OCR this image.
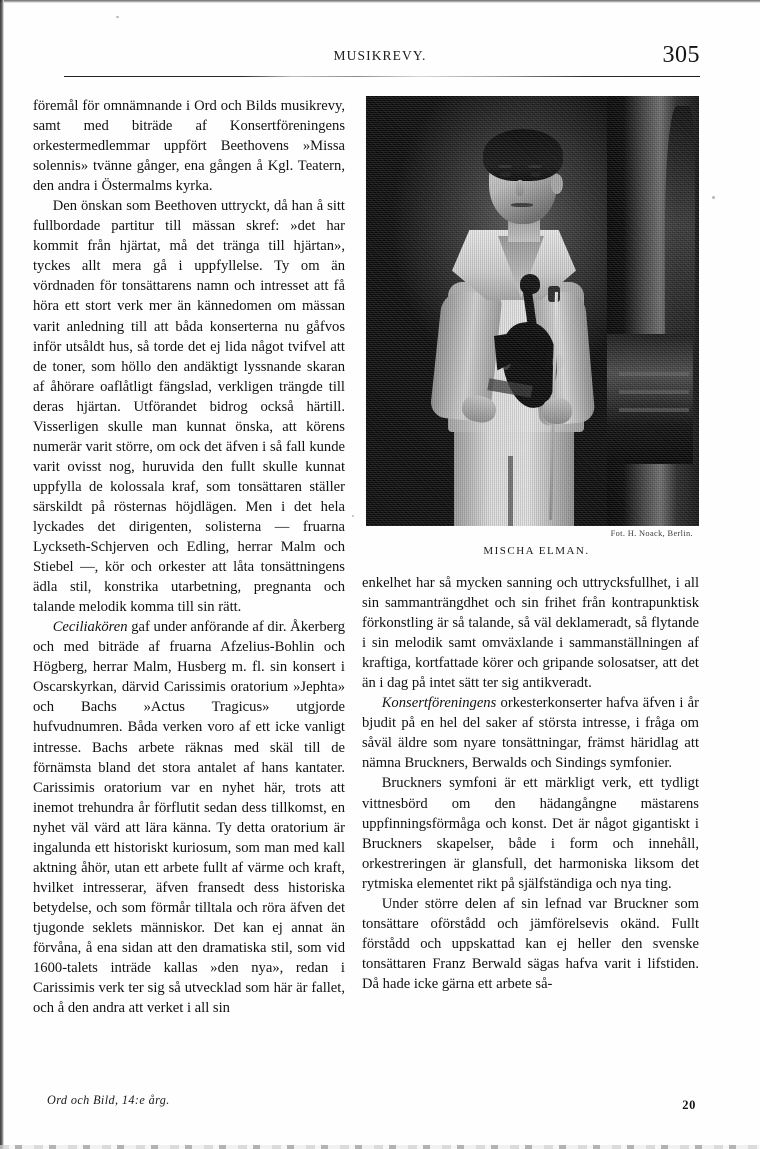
MUSIKREVY.	305
Fot. H. Noack, Berlin.
MISCHA ELMAN.

föremål för omnämnande i Ord och Bilds musikrevy, samt med biträde af Konsertföreningens orkestermedlemmar uppfört Beethovens »Missa solennis» tvänne gånger, ena gången å Kgl. Teatern, den andra i Östermalms kyrka.

Den önskan som Beethoven uttryckt, då han å sitt fullbordade partitur till mässan skref: »det har kommit från hjärtat, må det tränga till hjärtan», tyckes allt mera gå i uppfyllelse. Ty om än vördnaden för tonsättarens namn och intresset att få höra ett stort verk mer än kännedomen om mässan varit anledning till att båda konserterna nu gåfvos inför utsåldt hus, så torde det ej lida något tvifvel att de toner, som höllo den andäktigt lyssnande skaran af åhörare oaflåtligt fängslad, verkligen trängde till deras hjärtan. Utförandet bidrog också härtill. Visserligen skulle man kunnat önska, att körens numerär varit större, om ock det äfven i så fall kunde varit ovisst nog, huruvida den fullt skulle kunnat uppfylla de kolossala kraf, som tonsättaren ställer särskildt på rösternas höjdlägen. Men i det hela lyckades det dirigenten, solisterna — fruarna Lyckseth-Schjerven och Edling, herrar Malm och Stiebel —, kör och orkester att låta tonsättningens ädla stil, konstrika utarbetning, pregnanta och talande melodik komma till sin rätt.

Ceciliakören gaf under anförande af dir. Åkerberg och med biträde af fruarna Afzelius-Bohlin och Högberg, herrar Malm, Husberg m. fl. sin konsert i Oscarskyrkan, därvid Carissimis oratorium »Jephta» och Bachs »Actus Tragicus» utgjorde hufvudnumren. Båda verken voro af ett icke vanligt intresse. Bachs arbete räknas med skäl till de förnämsta bland det stora antalet af hans kantater. Carissimis oratorium var en nyhet här, trots att inemot trehundra år förflutit sedan dess tillkomst, en nyhet väl värd att lära känna. Ty detta oratorium är ingalunda ett historiskt kuriosum, som man med kall aktning åhör, utan ett arbete fullt af värme och kraft, hvilket intresserar, äfven fransedt dess historiska betydelse, och som förmår tilltala och röra äfven det tjugonde seklets människor. Det kan ej annat än förvåna, å ena sidan att den dramatiska stil, som vid 1600-talets inträde kallas »den nya», redan i Carissimis verk ter sig så utvecklad som här är fallet, och å den andra att verket i all sin

enkelhet har så mycken sanning och uttrycksfullhet, i all sin sammanträngdhet och sin frihet från kontrapunktisk förkonstling är så talande, så väl deklameradt, så flytande i sin melodik samt omväxlande i sammanställningen af kraftiga, kortfattade körer och gripande solosatser, att det än i dag på intet sätt ter sig antikveradt.

Konsertföreningens orkesterkonserter hafva äfven i år bjudit på en hel del saker af största intresse, i fråga om såväl äldre som nyare tonsättningar, främst häridlag att nämna Bruckners, Berwalds och Sindings symfonier.

Bruckners symfoni är ett märkligt verk, ett tydligt vittnesbörd om den hädangångne mästarens uppfinningsförmåga och konst. Det är något gigantiskt i Bruckners skapelser, både i form och innehåll, orkestreringen är glansfull, det harmoniska liksom det rytmiska elementet rikt på själfständiga och nya ting.

Under större delen af sin lefnad var Bruckner som tonsättare oförstådd och jämförelsevis okänd. Fullt förstådd och uppskattad kan ej heller den svenske tonsättaren Franz Berwald sägas hafva varit i lifstiden. Då hade icke gärna ett arbete så-

Ord och Bild, 14:e årg.	20
